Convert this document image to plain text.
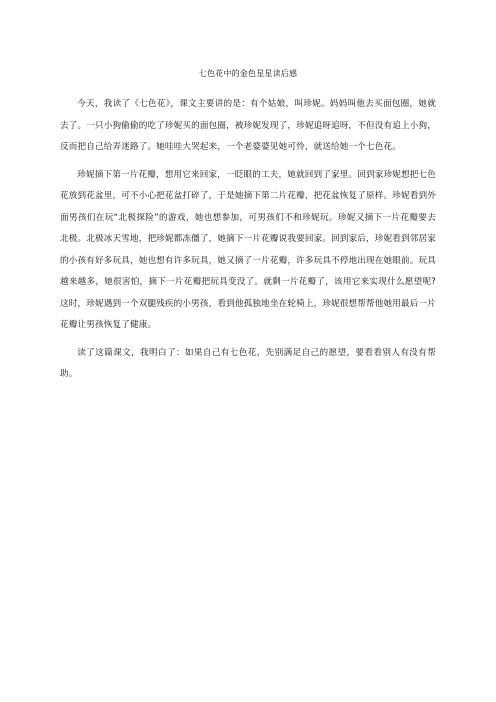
七色花中的金色星星读后感

今天，我读了《七色花》，课文主要讲的是：有个姑娘，叫珍妮。妈妈叫他去买面包圈，她就去了。一只小狗偷偷的吃了珍妮买的面包圈，被珍妮发现了，珍妮追呀追呀，不但没有追上小狗，反而把自己给弄迷路了。她哇哇大哭起来，一个老婆婆见她可怜，就送给她一个七色花。

珍妮摘下第一片花瓣，想用它来回家，一眨眼的工夫，她就回到了家里。回到家珍妮想把七色花放到花盆里，可不小心把花盆打碎了，于是她摘下第二片花瓣，把花盆恢复了原样。珍妮看到外面男孩们在玩“北极探险”的游戏，她也想参加，可男孩们不和珍妮玩。珍妮又摘下一片花瓣要去北极。北极冰天雪地，把珍妮都冻僵了，她摘下一片花瓣说我要回家。回到家后，珍妮看到邻居家的小孩有好多玩具，她也想有许多玩具，她又摘了一片花瓣，许多玩具不停地出现在她眼前。玩具越来越多，她很害怕，摘下一片花瓣把玩具变没了。就剩一片花瓣了，该用它来实现什么愿望呢?这时，珍妮遇到一个双腿残疾的小男孩，看到他孤独地坐在轮椅上，珍妮很想帮帮他她用最后一片花瓣让男孩恢复了健康。

读了这篇课文，我明白了：如果自己有七色花，先别满足自己的愿望，要看看别人有没有帮助。
